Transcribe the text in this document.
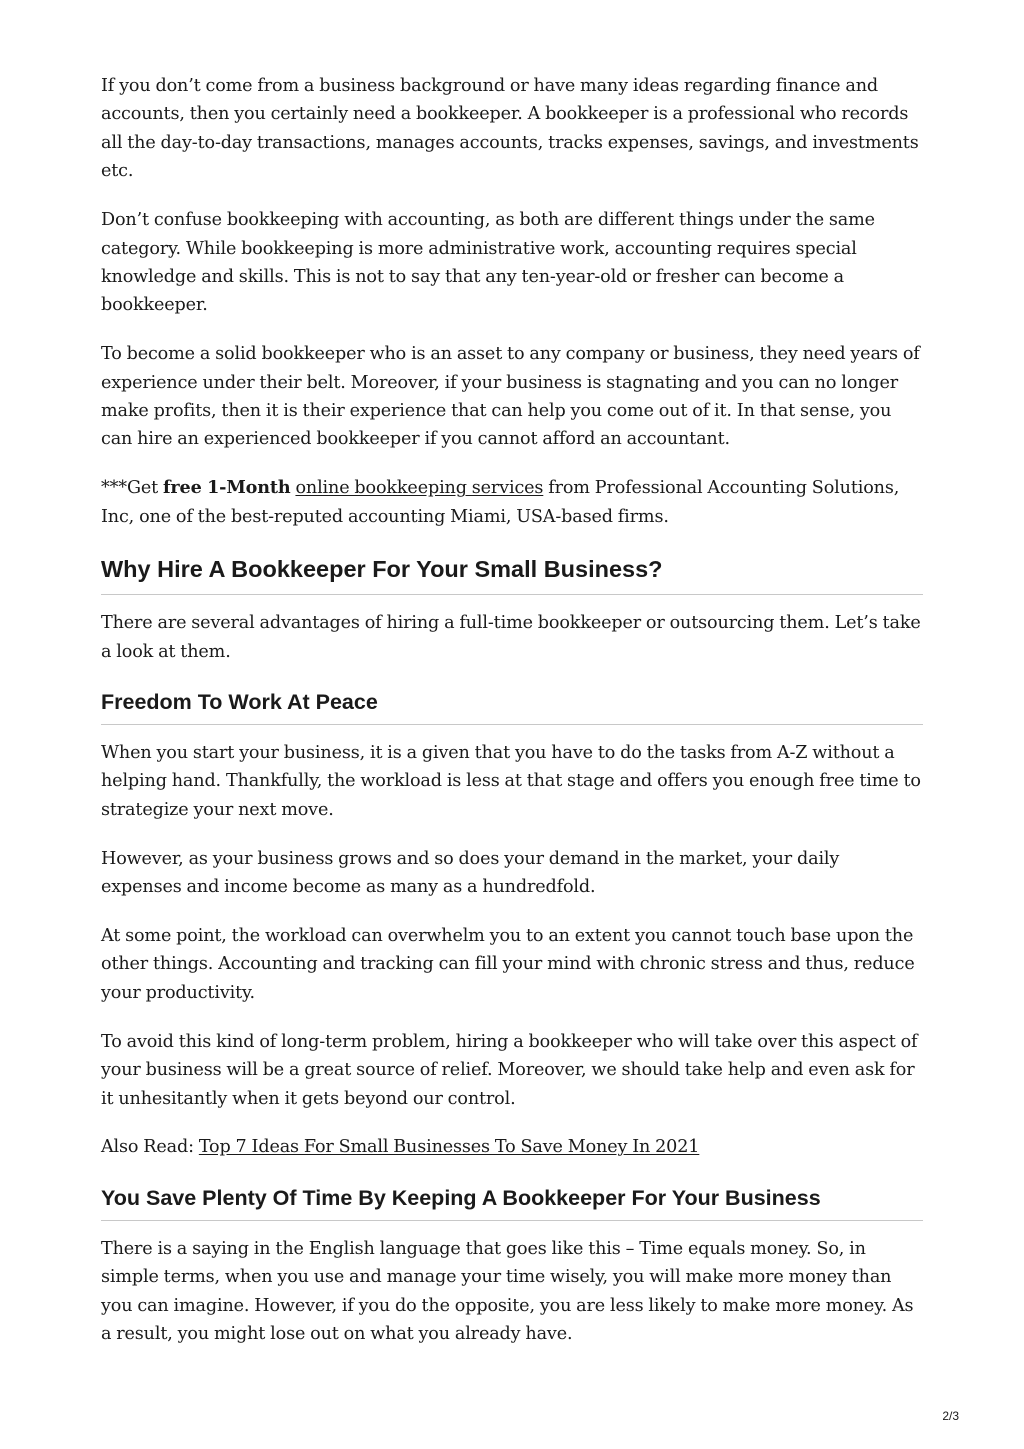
If you don’t come from a business background or have many ideas regarding finance and accounts, then you certainly need a bookkeeper. A bookkeeper is a professional who records all the day-to-day transactions, manages accounts, tracks expenses, savings, and investments etc.

Don’t confuse bookkeeping with accounting, as both are different things under the same category. While bookkeeping is more administrative work, accounting requires special knowledge and skills. This is not to say that any ten-year-old or fresher can become a bookkeeper.

To become a solid bookkeeper who is an asset to any company or business, they need years of experience under their belt. Moreover, if your business is stagnating and you can no longer make profits, then it is their experience that can help you come out of it. In that sense, you can hire an experienced bookkeeper if you cannot afford an accountant.

***Get free 1-Month online bookkeeping services from Professional Accounting Solutions, Inc, one of the best-reputed accounting Miami, USA-based firms.

Why Hire A Bookkeeper For Your Small Business?

There are several advantages of hiring a full-time bookkeeper or outsourcing them. Let’s take a look at them.

Freedom To Work At Peace

When you start your business, it is a given that you have to do the tasks from A-Z without a helping hand. Thankfully, the workload is less at that stage and offers you enough free time to strategize your next move.

However, as your business grows and so does your demand in the market, your daily expenses and income become as many as a hundredfold.

At some point, the workload can overwhelm you to an extent you cannot touch base upon the other things. Accounting and tracking can fill your mind with chronic stress and thus, reduce your productivity.

To avoid this kind of long-term problem, hiring a bookkeeper who will take over this aspect of your business will be a great source of relief. Moreover, we should take help and even ask for it unhesitantly when it gets beyond our control.

Also Read: Top 7 Ideas For Small Businesses To Save Money In 2021

You Save Plenty Of Time By Keeping A Bookkeeper For Your Business

There is a saying in the English language that goes like this – Time equals money. So, in simple terms, when you use and manage your time wisely, you will make more money than you can imagine. However, if you do the opposite, you are less likely to make more money. As a result, you might lose out on what you already have.

2/3
